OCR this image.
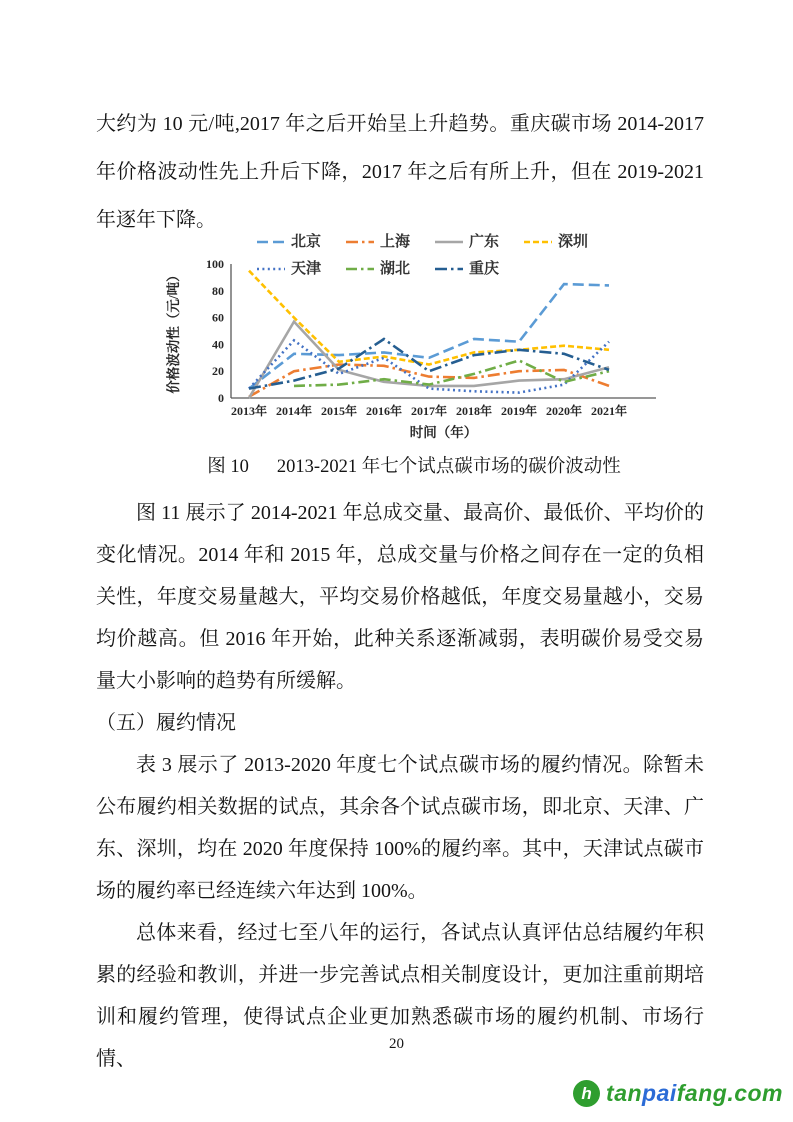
大约为 10 元/吨,2017 年之后开始呈上升趋势。重庆碳市场 2014-2017 年价格波动性先上升后下降，2017 年之后有所上升，但在 2019-2021 年逐年下降。

北京	上海	广东	深圳
天津	湖北	重庆
0
20
40
60
80
100
2013年 2014年 2015年 2016年 2017年 2018年 2019年 2020年 2021年
时间（年）
价格波动性（元/吨）
图 10 2013-2021 年七个试点碳市场的碳价波动性

图 11 展示了 2014-2021 年总成交量、最高价、最低价、平均价的变化情况。2014 年和 2015 年，总成交量与价格之间存在一定的负相关性，年度交易量越大，平均交易价格越低，年度交易量越小，交易均价越高。但 2016 年开始，此种关系逐渐减弱，表明碳价易受交易量大小影响的趋势有所缓解。

（五）履约情况

表 3 展示了 2013-2020 年度七个试点碳市场的履约情况。除暂未公布履约相关数据的试点，其余各个试点碳市场，即北京、天津、广东、深圳，均在 2020 年度保持 100%的履约率。其中，天津试点碳市场的履约率已经连续六年达到 100%。

总体来看，经过七至八年的运行，各试点认真评估总结履约年积累的经验和教训，并进一步完善试点相关制度设计，更加注重前期培训和履约管理，使得试点企业更加熟悉碳市场的履约机制、市场行情、

20
h tanpaifang.com
